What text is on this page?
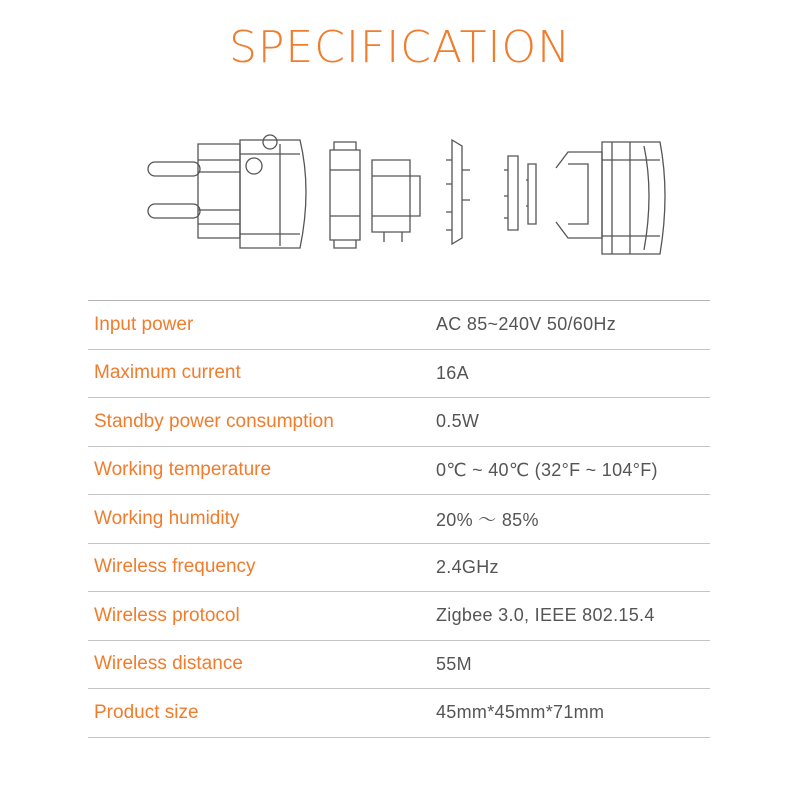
SPECIFICATION
Input power	AC 85~240V 50/60Hz
Maximum current	16A
Standby power consumption	0.5W
Working temperature	0℃ ~ 40℃ (32°F ~ 104°F)
Working humidity	20% ～ 85%
Wireless frequency	2.4GHz
Wireless protocol	Zigbee 3.0, IEEE 802.15.4
Wireless distance	55M
Product size	45mm*45mm*71mm
